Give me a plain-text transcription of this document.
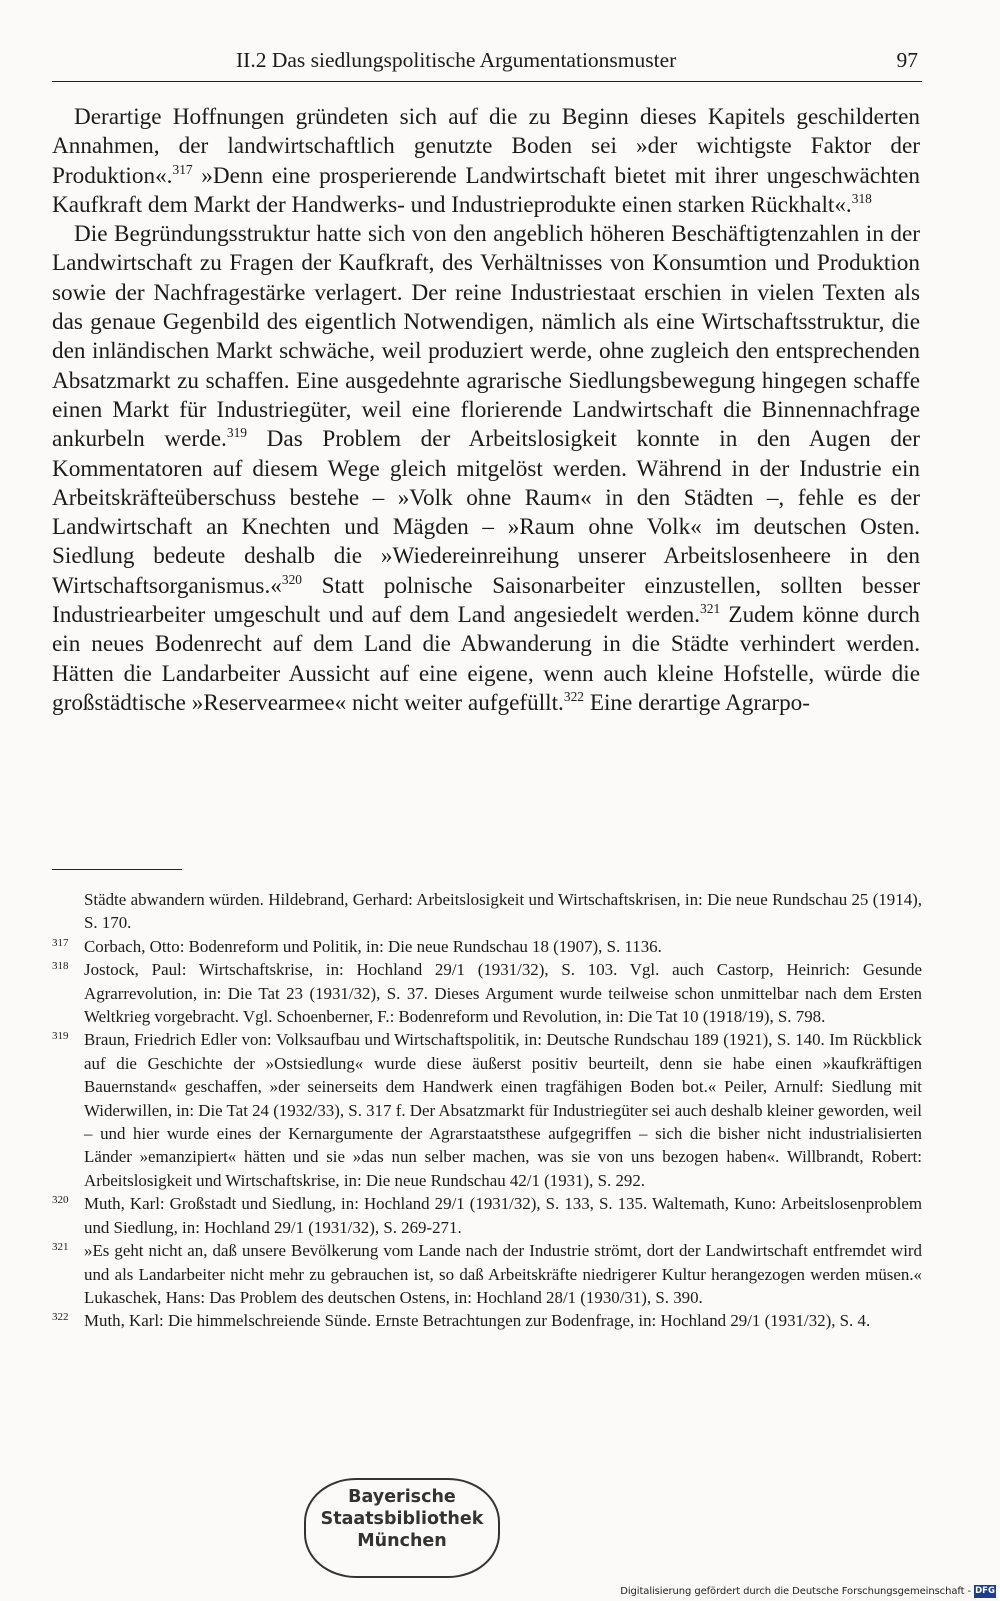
II.2 Das siedlungspolitische Argumentationsmuster	97

Derartige Hoffnungen gründeten sich auf die zu Beginn dieses Kapitels geschilderten Annahmen, der landwirtschaftlich genutzte Boden sei »der wichtigste Faktor der Produktion«.$^{317}$ »Denn eine prosperierende Landwirtschaft bietet mit ihrer ungeschwächten Kaufkraft dem Markt der Handwerks- und Industrieprodukte einen starken Rückhalt«.$^{318}$

Die Begründungsstruktur hatte sich von den angeblich höheren Beschäftigtenzahlen in der Landwirtschaft zu Fragen der Kaufkraft, des Verhältnisses von Konsumtion und Produktion sowie der Nachfragestärke verlagert. Der reine Industriestaat erschien in vielen Texten als das genaue Gegenbild des eigentlich Notwendigen, nämlich als eine Wirtschaftsstruktur, die den inländischen Markt schwäche, weil produziert werde, ohne zugleich den entsprechenden Absatzmarkt zu schaffen. Eine ausgedehnte agrarische Siedlungsbewegung hingegen schaffe einen Markt für Industriegüter, weil eine florierende Landwirtschaft die Binnennachfrage ankurbeln werde.$^{319}$ Das Problem der Arbeitslosigkeit konnte in den Augen der Kommentatoren auf diesem Wege gleich mitgelöst werden. Während in der Industrie ein Arbeitskräfteüberschuss bestehe – »Volk ohne Raum« in den Städten –, fehle es der Landwirtschaft an Knechten und Mägden – »Raum ohne Volk« im deutschen Osten. Siedlung bedeute deshalb die »Wiedereinreihung unserer Arbeitslosenheere in den Wirtschaftsorganismus.«$^{320}$ Statt polnische Saisonarbeiter einzustellen, sollten besser Industriearbeiter umgeschult und auf dem Land angesiedelt werden.$^{321}$ Zudem könne durch ein neues Bodenrecht auf dem Land die Abwanderung in die Städte verhindert werden. Hätten die Landarbeiter Aussicht auf eine eigene, wenn auch kleine Hofstelle, würde die großstädtische »Reservearmee« nicht weiter aufgefüllt.$^{322}$ Eine derartige Agrarpo-

Städte abwandern würden. Hildebrand, Gerhard: Arbeitslosigkeit und Wirtschaftskrisen, in: Die neue Rundschau 25 (1914), S. 170.
317 Corbach, Otto: Bodenreform und Politik, in: Die neue Rundschau 18 (1907), S. 1136.
318 Jostock, Paul: Wirtschaftskrise, in: Hochland 29/1 (1931/32), S. 103. Vgl. auch Castorp, Heinrich: Gesunde Agrarrevolution, in: Die Tat 23 (1931/32), S. 37. Dieses Argument wurde teilweise schon unmittelbar nach dem Ersten Weltkrieg vorgebracht. Vgl. Schoenberner, F.: Bodenreform und Revolution, in: Die Tat 10 (1918/19), S. 798.
319 Braun, Friedrich Edler von: Volksaufbau und Wirtschaftspolitik, in: Deutsche Rundschau 189 (1921), S. 140. Im Rückblick auf die Geschichte der »Ostsiedlung« wurde diese äußerst positiv beurteilt, denn sie habe einen »kaufkräftigen Bauernstand« geschaffen, »der seinerseits dem Handwerk einen tragfähigen Boden bot.« Peiler, Arnulf: Siedlung mit Widerwillen, in: Die Tat 24 (1932/33), S. 317 f. Der Absatzmarkt für Industriegüter sei auch deshalb kleiner geworden, weil – und hier wurde eines der Kernargumente der Agrarstaatsthese aufgegriffen – sich die bisher nicht industrialisierten Länder »emanzipiert« hätten und sie »das nun selber machen, was sie von uns bezogen haben«. Willbrandt, Robert: Arbeitslosigkeit und Wirtschaftskrise, in: Die neue Rundschau 42/1 (1931), S. 292.
320 Muth, Karl: Großstadt und Siedlung, in: Hochland 29/1 (1931/32), S. 133, S. 135. Waltemath, Kuno: Arbeitslosenproblem und Siedlung, in: Hochland 29/1 (1931/32), S. 269-271.
321 »Es geht nicht an, daß unsere Bevölkerung vom Lande nach der Industrie strömt, dort der Landwirtschaft entfremdet wird und als Landarbeiter nicht mehr zu gebrauchen ist, so daß Arbeitskräfte niedrigerer Kultur herangezogen werden müsen.« Lukaschek, Hans: Das Problem des deutschen Ostens, in: Hochland 28/1 (1930/31), S. 390.
322 Muth, Karl: Die himmelschreiende Sünde. Ernste Betrachtungen zur Bodenfrage, in: Hochland 29/1 (1931/32), S. 4.
Bayerische
Staatsbibliothek
München
Digitalisierung gefördert durch die Deutsche Forschungsgemeinschaft - DFG
